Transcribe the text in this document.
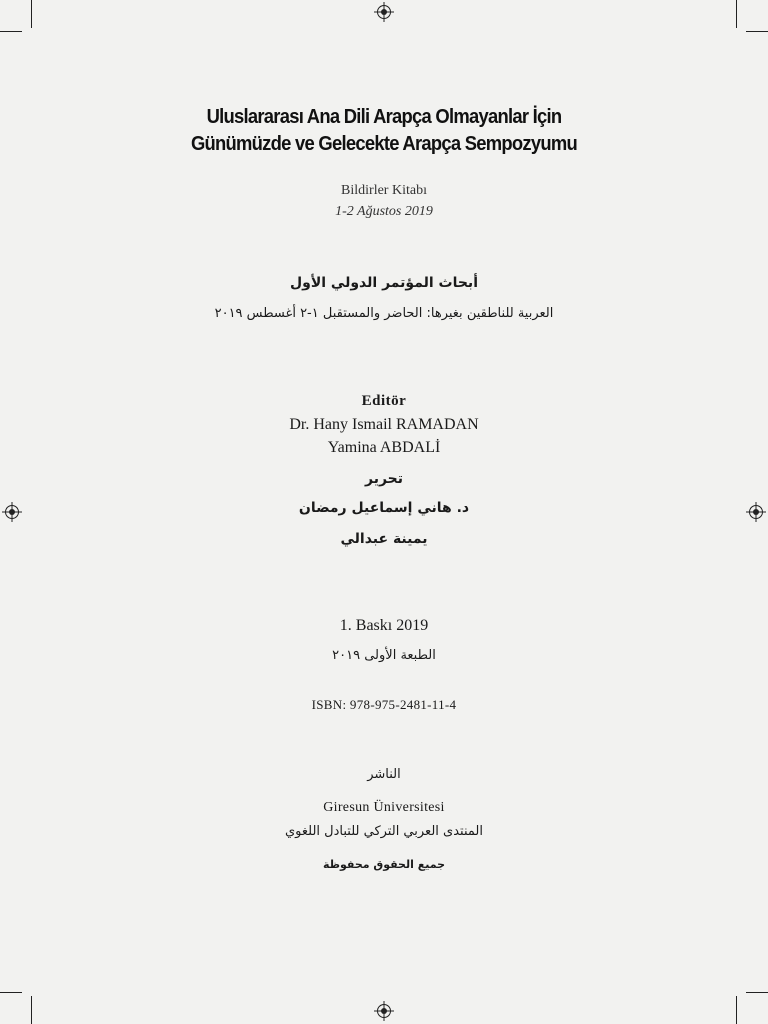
Uluslararası Ana Dili Arapça Olmayanlar İçin
Günümüzde ve Gelecekte Arapça Sempozyumu
Bildirler Kitabı
1-2 Ağustos 2019
أبحاث المؤتمر الدولي الأول
العربية للناطقين بغيرها: الحاضر والمستقبل ١-٢ أغسطس ٢٠١٩
Editör
Dr. Hany Ismail RAMADAN
Yamina ABDALİ
تحرير
د. هاني إسماعيل رمضان
يمينة عبدالي
1. Baskı 2019
الطبعة الأولى ٢٠١٩
ISBN: 978-975-2481-11-4
الناشر
Giresun Üniversitesi
المنتدى العربي التركي للتبادل اللغوي
جميع الحقوق محفوظة
